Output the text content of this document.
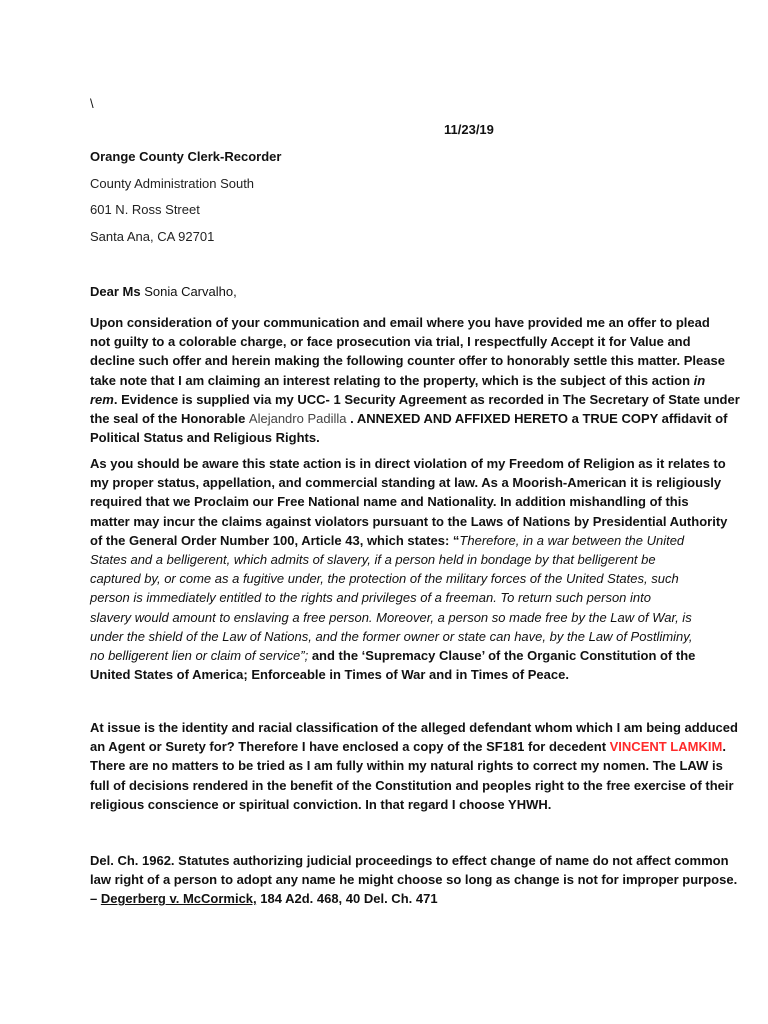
\
11/23/19
Orange County Clerk-Recorder
County Administration South
601 N. Ross Street
Santa Ana, CA 92701
Dear Ms Sonia Carvalho,
Upon consideration of your communication and email where you have provided me an offer to plead
not guilty to a colorable charge, or face prosecution via trial, I respectfully Accept it for Value and
decline such offer and herein making the following counter offer to honorably settle this matter. Please
take note that I am claiming an interest relating to the property, which is the subject of this action in
rem. Evidence is supplied via my UCC- 1 Security Agreement as recorded in The Secretary of State under
the seal of the Honorable Alejandro Padilla . ANNEXED AND AFFIXED HERETO a TRUE COPY affidavit of
Political Status and Religious Rights.
As you should be aware this state action is in direct violation of my Freedom of Religion as it relates to
my proper status, appellation, and commercial standing at law. As a Moorish-American it is religiously
required that we Proclaim our Free National name and Nationality. In addition mishandling of this
matter may incur the claims against violators pursuant to the Laws of Nations by Presidential Authority
of the General Order Number 100, Article 43, which states: “Therefore, in a war between the United
States and a belligerent, which admits of slavery, if a person held in bondage by that belligerent be
captured by, or come as a fugitive under, the protection of the military forces of the United States, such
person is immediately entitled to the rights and privileges of a freeman. To return such person into
slavery would amount to enslaving a free person. Moreover, a person so made free by the Law of War, is
under the shield of the Law of Nations, and the former owner or state can have, by the Law of Postliminy,
no belligerent lien or claim of service”; and the ‘Supremacy Clause’ of the Organic Constitution of the
United States of America; Enforceable in Times of War and in Times of Peace.
At issue is the identity and racial classification of the alleged defendant whom which I am being adduced
an Agent or Surety for? Therefore I have enclosed a copy of the SF181 for decedent VINCENT LAMKIM.
There are no matters to be tried as I am fully within my natural rights to correct my nomen. The LAW is
full of decisions rendered in the benefit of the Constitution and peoples right to the free exercise of their
religious conscience or spiritual conviction. In that regard I choose YHWH.
Del. Ch. 1962. Statutes authorizing judicial proceedings to effect change of name do not affect common
law right of a person to adopt any name he might choose so long as change is not for improper purpose.
– Degerberg v. McCormick, 184 A2d. 468, 40 Del. Ch. 471
